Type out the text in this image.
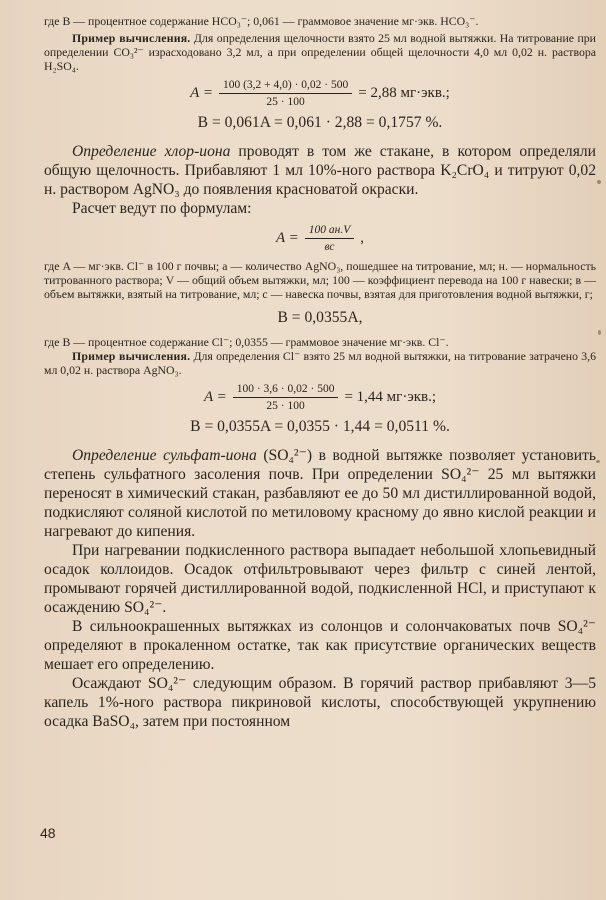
где B — процентное содержание HCO₃⁻; 0,061 — граммовое значение мг·экв. HCO₃⁻.

Пример вычисления. Для определения щелочности взято 25 мл водной вытяжки. На титрование при определении CO₃²⁻ израсходовано 3,2 мл, а при определении общей щелочности 4,0 мл 0,02 н. раствора H₂SO₄.

$A = \frac{100 (3,2 + 4,0) \cdot 0,02 \cdot 500}{25 \cdot 100} = 2,88$ мг·экв.;
B = 0,061A = 0,061 · 2,88 = 0,1757 %.

Определение хлор-иона проводят в том же стакане, в котором определяли общую щелочность. Прибавляют 1 мл 10%-ного раствора K₂CrO₄ и титруют 0,02 н. раствором AgNO₃ до появления красноватой окраски.

Расчет ведут по формулам:

$A = \frac{100 ан.V}{вс}$ ,

где A — мг·экв. Cl⁻ в 100 г почвы; a — количество AgNO₃, пошедшее на титрование, мл; н. — нормальность титрованного раствора; V — общий объем вытяжки, мл; 100 — коэффициент перевода на 100 г навески; в — объем вытяжки, взятый на титрование, мл; с — навеска почвы, взятая для приготовления водной вытяжки, г;

B = 0,0355A,

где B — процентное содержание Cl⁻; 0,0355 — граммовое значение мг·экв. Cl⁻.

Пример вычисления. Для определения Cl⁻ взято 25 мл водной вытяжки, на титрование затрачено 3,6 мл 0,02 н. раствора AgNO₃.

$A = \frac{100 \cdot 3,6 \cdot 0,02 \cdot 500}{25 \cdot 100} = 1,44$ мг·экв.;
B = 0,0355A = 0,0355 · 1,44 = 0,0511 %.

Определение сульфат-иона (SO₄²⁻) в водной вытяжке позволяет установить степень сульфатного засоления почв. При определении SO₄²⁻ 25 мл вытяжки переносят в химический стакан, разбавляют ее до 50 мл дистиллированной водой, подкисляют соляной кислотой по метиловому красному до явно кислой реакции и нагревают до кипения.

При нагревании подкисленного раствора выпадает небольшой хлопьевидный осадок коллоидов. Осадок отфильтровывают через фильтр с синей лентой, промывают горячей дистиллированной водой, подкисленной HCl, и приступают к осаждению SO₄²⁻.

В сильноокрашенных вытяжках из солонцов и солончаковатых почв SO₄²⁻ определяют в прокаленном остатке, так как присутствие органических веществ мешает его определению.

Осаждают SO₄²⁻ следующим образом. В горячий раствор прибавляют 3—5 капель 1%-ного раствора пикриновой кислоты, способствующей укрупнению осадка BaSO₄, затем при постоянном

48
